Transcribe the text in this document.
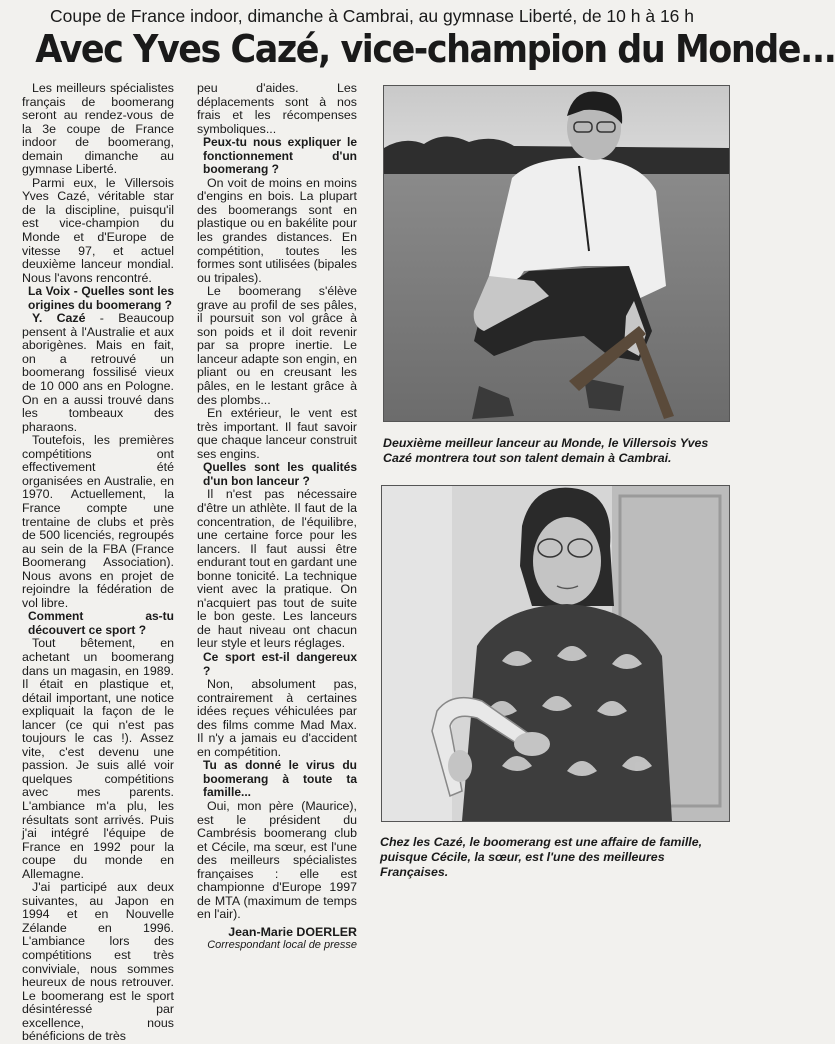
Coupe de France indoor, dimanche à Cambrai, au gymnase Liberté, de 10 h à 16 h
Avec Yves Cazé, vice-champion du Monde...

Les meilleurs spécialistes français de boomerang seront au rendez-vous de la 3e coupe de France indoor de boomerang, demain dimanche au gymnase Liberté.

Parmi eux, le Villersois Yves Cazé, véritable star de la discipline, puisqu'il est vice-champion du Monde et d'Europe de vitesse 97, et actuel deuxième lanceur mondial. Nous l'avons rencontré.

La Voix - Quelles sont les origines du boomerang ?

Y. Cazé - Beaucoup pensent à l'Australie et aux aborigènes. Mais en fait, on a retrouvé un boomerang fossilisé vieux de 10 000 ans en Pologne. On en a aussi trouvé dans les tombeaux des pharaons.

Toutefois, les premières compétitions ont effectivement été organisées en Australie, en 1970. Actuellement, la France compte une trentaine de clubs et près de 500 licenciés, regroupés au sein de la FBA (France Boomerang Association). Nous avons en projet de rejoindre la fédération de vol libre.

Comment as-tu découvert ce sport ?

Tout bêtement, en achetant un boomerang dans un magasin, en 1989. Il était en plastique et, détail important, une notice expliquait la façon de le lancer (ce qui n'est pas toujours le cas !). Assez vite, c'est devenu une passion. Je suis allé voir quelques compétitions avec mes parents. L'ambiance m'a plu, les résultats sont arrivés. Puis j'ai intégré l'équipe de France en 1992 pour la coupe du monde en Allemagne.

J'ai participé aux deux suivantes, au Japon en 1994 et en Nouvelle Zélande en 1996. L'ambiance lors des compétitions est très conviviale, nous sommes heureux de nous retrouver. Le boomerang est le sport désintéressé par excellence, nous bénéficions de très

peu d'aides. Les déplacements sont à nos frais et les récompenses symboliques...

Peux-tu nous expliquer le fonctionnement d'un boomerang ?

On voit de moins en moins d'engins en bois. La plupart des boomerangs sont en plastique ou en bakélite pour les grandes distances. En compétition, toutes les formes sont utilisées (bipales ou tripales).

Le boomerang s'élève grave au profil de ses pâles, il poursuit son vol grâce à son poids et il doit revenir par sa propre inertie. Le lanceur adapte son engin, en pliant ou en creusant les pâles, en le lestant grâce à des plombs...

En extérieur, le vent est très important. Il faut savoir que chaque lanceur construit ses engins.

Quelles sont les qualités d'un bon lanceur ?

Il n'est pas nécessaire d'être un athlète. Il faut de la concentration, de l'équilibre, une certaine force pour les lancers. Il faut aussi être endurant tout en gardant une bonne tonicité. La technique vient avec la pratique. On n'acquiert pas tout de suite le bon geste. Les lanceurs de haut niveau ont chacun leur style et leurs réglages.

Ce sport est-il dangereux ?

Non, absolument pas, contrairement à certaines idées reçues véhiculées par des films comme Mad Max. Il n'y a jamais eu d'accident en compétition.

Tu as donné le virus du boomerang à toute ta famille...

Oui, mon père (Maurice), est le président du Cambrésis boomerang club et Cécile, ma sœur, est l'une des meilleurs spécialistes françaises : elle est championne d'Europe 1997 de MTA (maximum de temps en l'air).

Jean-Marie DOERLER
Correspondant local de presse
Deuxième meilleur lanceur au Monde, le Villersois Yves Cazé montrera tout son talent demain à Cambrai.
Chez les Cazé, le boomerang est une affaire de famille, puisque Cécile, la sœur, est l'une des meilleures Françaises.
